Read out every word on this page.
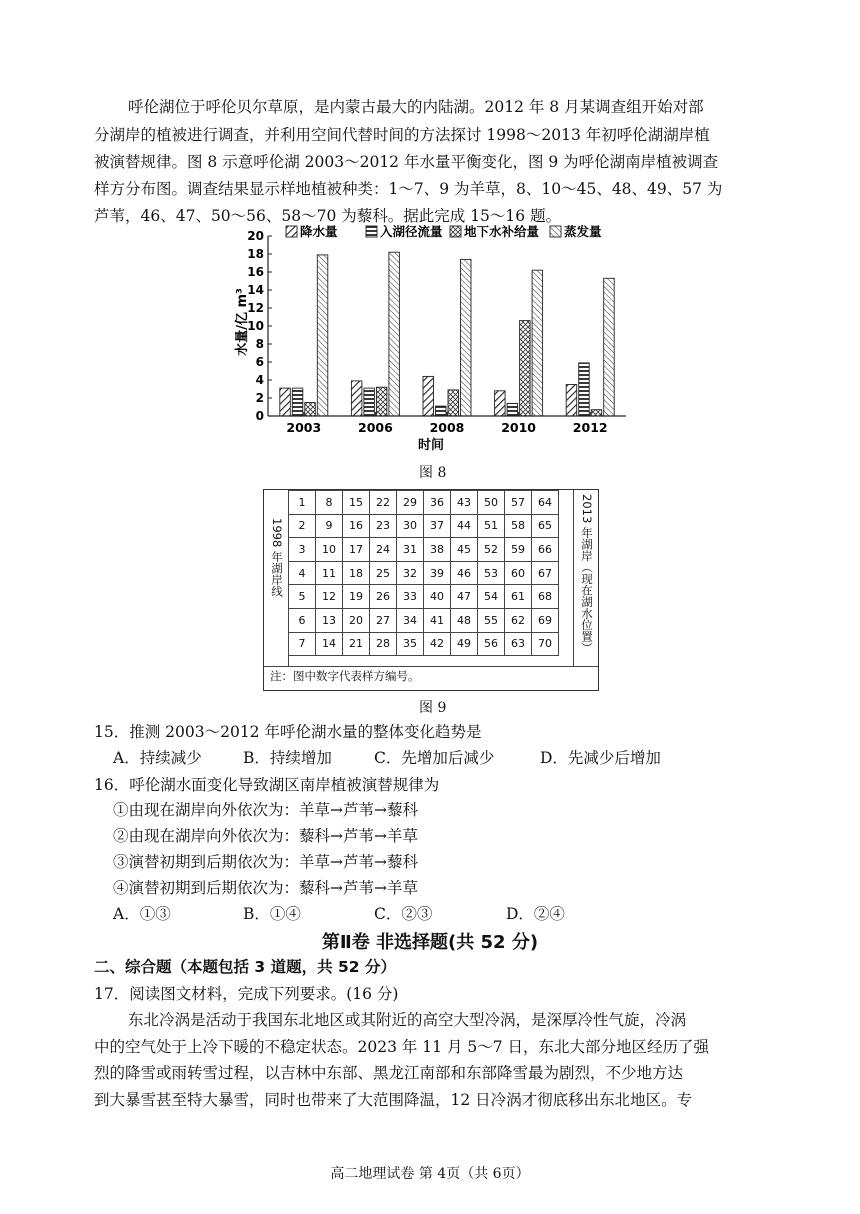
呼伦湖位于呼伦贝尔草原，是内蒙古最大的内陆湖。2012 年 8 月某调查组开始对部
分湖岸的植被进行调查，并利用空间代替时间的方法探讨 1998～2013 年初呼伦湖湖岸植
被演替规律。图 8 示意呼伦湖 2003～2012 年水量平衡变化，图 9 为呼伦湖南岸植被调查
样方分布图。调查结果显示样地植被种类：1～7、9 为羊草，8、10～45、48、49、57 为
芦苇，46、47、50～56、58～70 为藜科。据此完成 15～16 题。
降水量	入湖径流量 地下水补给量 蒸发量
0
2
4
6
8
10
12
14
16
18
20
2003	2006	2008	2010	2012
水量/亿 m³
时间
图 8
1998 年湖岸线
1	8	15	22	29	36	43	50	57	64
2	9	16	23	30	37	44	51	58	65
3	10	17	24	31	38	45	52	59	66
4	11	18	25	32	39	46	53	60	67
5	12	19	26	33	40	47	54	61	68
6	13	20	27	34	41	48	55	62	69
7	14	21	28	35	42	49	56	63	70 2013 年湖岸（现在湖水位置）
注：图中数字代表样方编号。
图 9
15．推测 2003～2012 年呼伦湖水量的整体变化趋势是
A．持续减少	B．持续增加	C．先增加后减少	D．先减少后增加
16．呼伦湖水面变化导致湖区南岸植被演替规律为
①由现在湖岸向外依次为：羊草→芦苇→藜科
②由现在湖岸向外依次为：藜科→芦苇→羊草
③演替初期到后期依次为：羊草→芦苇→藜科
④演替初期到后期依次为：藜科→芦苇→羊草
A．①③	B．①④	C．②③	D．②④
第Ⅱ卷 非选择题(共 52 分)
二、综合题（本题包括 3 道题，共 52 分）
17．阅读图文材料，完成下列要求。(16 分)
东北冷涡是活动于我国东北地区或其附近的高空大型冷涡，是深厚冷性气旋，冷涡
中的空气处于上冷下暖的不稳定状态。2023 年 11 月 5～7 日，东北大部分地区经历了强
烈的降雪或雨转雪过程，以吉林中东部、黑龙江南部和东部降雪最为剧烈，不少地方达
到大暴雪甚至特大暴雪，同时也带来了大范围降温，12 日冷涡才彻底移出东北地区。专
高二地理试卷 第 4页（共 6页）
